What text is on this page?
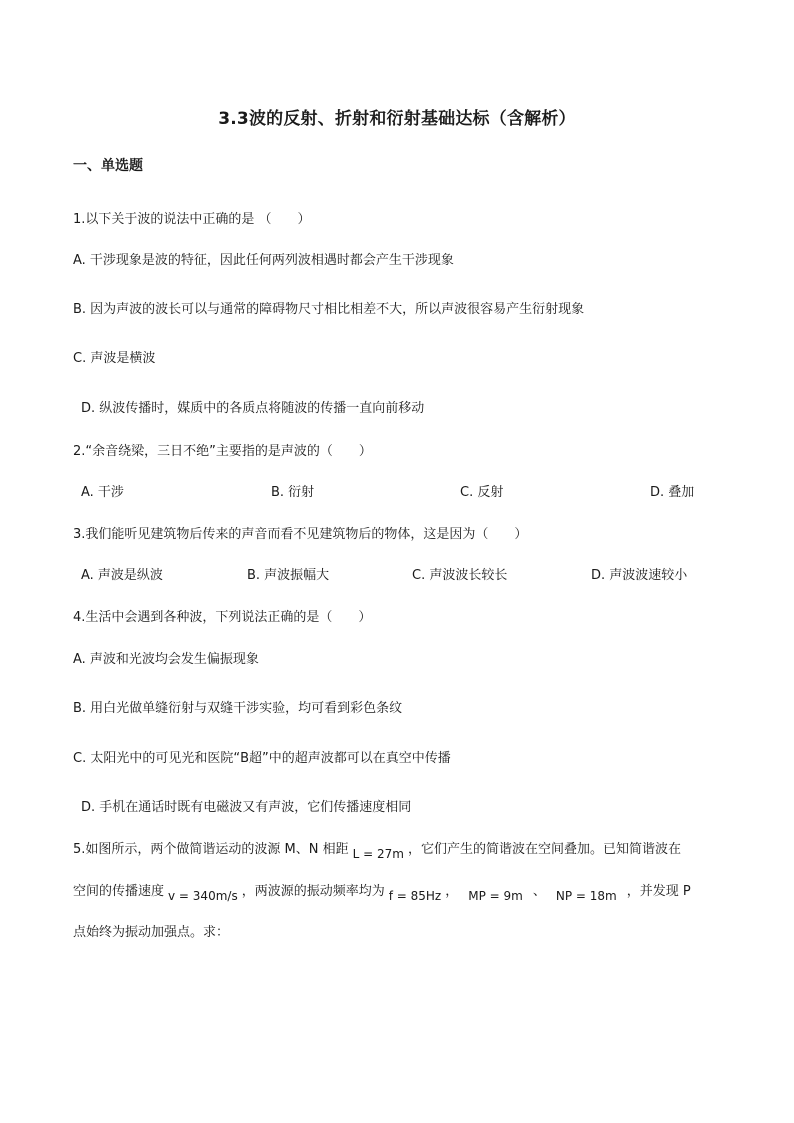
3.3波的反射、折射和衍射基础达标（含解析）
一、单选题
1.以下关于波的说法中正确的是 （　　）
A. 干涉现象是波的特征，因此任何两列波相遇时都会产生干涉现象
B. 因为声波的波长可以与通常的障碍物尺寸相比相差不大，所以声波很容易产生衍射现象
C. 声波是横波
D. 纵波传播时，媒质中的各质点将随波的传播一直向前移动
2.“余音绕梁，三日不绝”主要指的是声波的（　　）
A. 干涉	B. 衍射	C. 反射	D. 叠加
3.我们能听见建筑物后传来的声音而看不见建筑物后的物体，这是因为（　　）
A. 声波是纵波	B. 声波振幅大	C. 声波波长较长	D. 声波波速较小
4.生活中会遇到各种波，下列说法正确的是（　　）
A. 声波和光波均会发生偏振现象
B. 用白光做单缝衍射与双缝干涉实验，均可看到彩色条纹
C. 太阳光中的可见光和医院“B超”中的超声波都可以在真空中传播
D. 手机在通话时既有电磁波又有声波，它们传播速度相同
5.如图所示，两个做简谐运动的波源 M、N 相距 L = 27m ，它们产生的简谐波在空间叠加。已知简谐波在
空间的传播速度 v = 340m/s ，两波源的振动频率均为 f = 85Hz ， MP = 9m 、 NP = 18m ，并发现 P
点始终为振动加强点。求：
